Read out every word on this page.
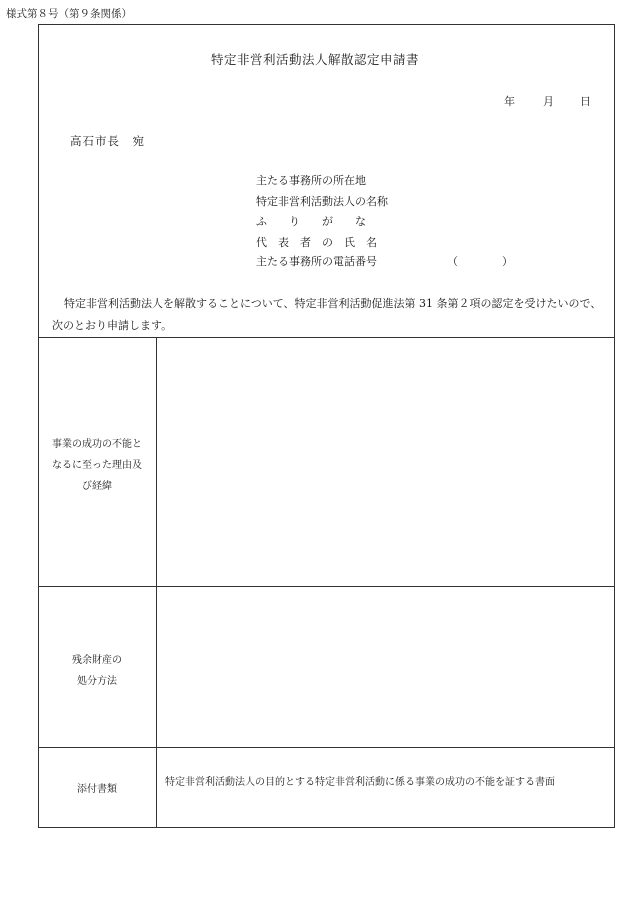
様式第８号（第９条関係）
特定非営利活動法人解散認定申請書
年	月 日
高石市長　宛
主たる事務所の所在地
特定非営利活動法人の名称
ふ　　り　　が　　な
代　表　者　の　氏　名
主たる事務所の電話番号	（　　　　）
特定非営利活動法人を解散することについて、特定非営利活動促進法第 31 条第２項の認定を受けたいので、次のとおり申請します。
事業の成功の不能となるに至った理由及び経緯
残余財産の処分方法
添付書類
特定非営利活動法人の目的とする特定非営利活動に係る事業の成功の不能を証する書面
